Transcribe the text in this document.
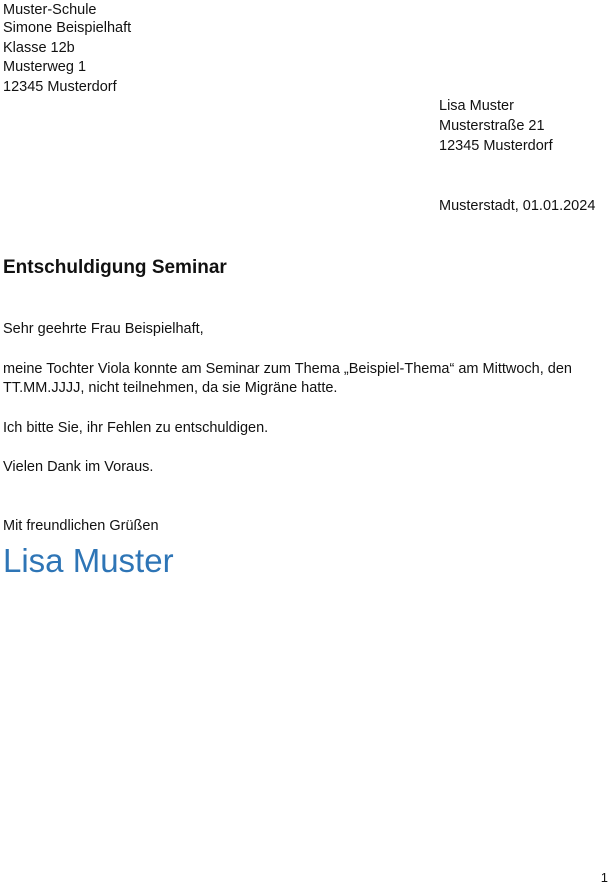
Muster-Schule
Simone Beispielhaft
Klasse 12b
Musterweg 1
12345 Musterdorf
Lisa Muster
Musterstraße 21
12345 Musterdorf
Musterstadt, 01.01.2024
Entschuldigung Seminar
Sehr geehrte Frau Beispielhaft,
meine Tochter Viola konnte am Seminar zum Thema „Beispiel-Thema“ am Mittwoch, den
TT.MM.JJJJ, nicht teilnehmen, da sie Migräne hatte.
Ich bitte Sie, ihr Fehlen zu entschuldigen.
Vielen Dank im Voraus.
Mit freundlichen Grüßen
Lisa Muster
1
